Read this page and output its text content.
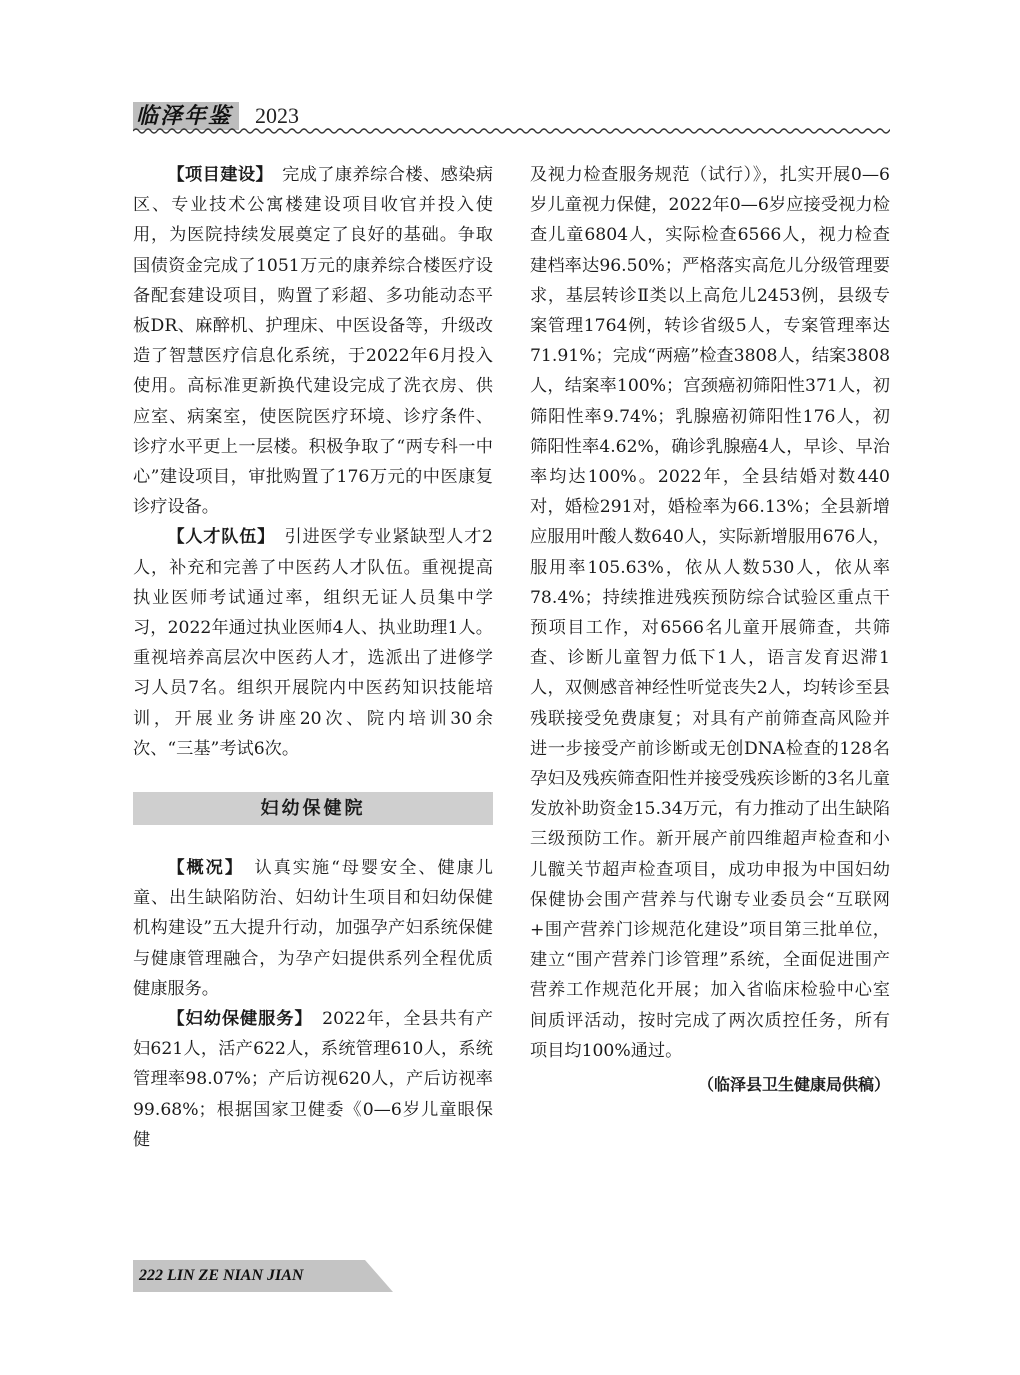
临泽年鉴	2023

【项目建设】　完成了康养综合楼、感染病区、专业技术公寓楼建设项目收官并投入使用，为医院持续发展奠定了良好的基础。争取国债资金完成了1051万元的康养综合楼医疗设备配套建设项目，购置了彩超、多功能动态平板DR、麻醉机、护理床、中医设备等，升级改造了智慧医疗信息化系统，于2022年6月投入使用。高标准更新换代建设完成了洗衣房、供应室、病案室，使医院医疗环境、诊疗条件、诊疗水平更上一层楼。积极争取了“两专科一中心”建设项目，审批购置了176万元的中医康复诊疗设备。

【人才队伍】　引进医学专业紧缺型人才2人，补充和完善了中医药人才队伍。重视提高执业医师考试通过率，组织无证人员集中学习，2022年通过执业医师4人、执业助理1人。重视培养高层次中医药人才，选派出了进修学习人员7名。组织开展院内中医药知识技能培训，开展业务讲座20次、院内培训30余次、“三基”考试6次。

妇幼保健院

【概况】　认真实施“母婴安全、健康儿童、出生缺陷防治、妇幼计生项目和妇幼保健机构建设”五大提升行动，加强孕产妇系统保健与健康管理融合，为孕产妇提供系列全程优质健康服务。

【妇幼保健服务】　2022年，全县共有产妇621人，活产622人，系统管理610人，系统管理率98.07%；产后访视620人，产后访视率99.68%；根据国家卫健委《0—6岁儿童眼保健

及视力检查服务规范（试行）》，扎实开展0—6岁儿童视力保健，2022年0—6岁应接受视力检查儿童6804人，实际检查6566人，视力检查建档率达96.50%；严格落实高危儿分级管理要求，基层转诊Ⅱ类以上高危儿2453例，县级专案管理1764例，转诊省级5人，专案管理率达71.91%；完成“两癌”检查3808人，结案3808人，结案率100%；宫颈癌初筛阳性371人，初筛阳性率9.74%；乳腺癌初筛阳性176人，初筛阳性率4.62%，确诊乳腺癌4人，早诊、早治率均达100%。2022年，全县结婚对数440对，婚检291对，婚检率为66.13%；全县新增应服用叶酸人数640人，实际新增服用676人，服用率105.63%，依从人数530人，依从率78.4%；持续推进残疾预防综合试验区重点干预项目工作，对6566名儿童开展筛查，共筛查、诊断儿童智力低下1人，语言发育迟滞1人，双侧感音神经性听觉丧失2人，均转诊至县残联接受免费康复；对具有产前筛查高风险并进一步接受产前诊断或无创DNA检查的128名孕妇及残疾筛查阳性并接受残疾诊断的3名儿童发放补助资金15.34万元，有力推动了出生缺陷三级预防工作。新开展产前四维超声检查和小儿髋关节超声检查项目，成功申报为中国妇幼保健协会围产营养与代谢专业委员会“互联网+围产营养门诊规范化建设”项目第三批单位，建立“围产营养门诊管理”系统，全面促进围产营养工作规范化开展；加入省临床检验中心室间质评活动，按时完成了两次质控任务，所有项目均100%通过。

（临泽县卫生健康局供稿）
222 LIN ZE NIAN JIAN
